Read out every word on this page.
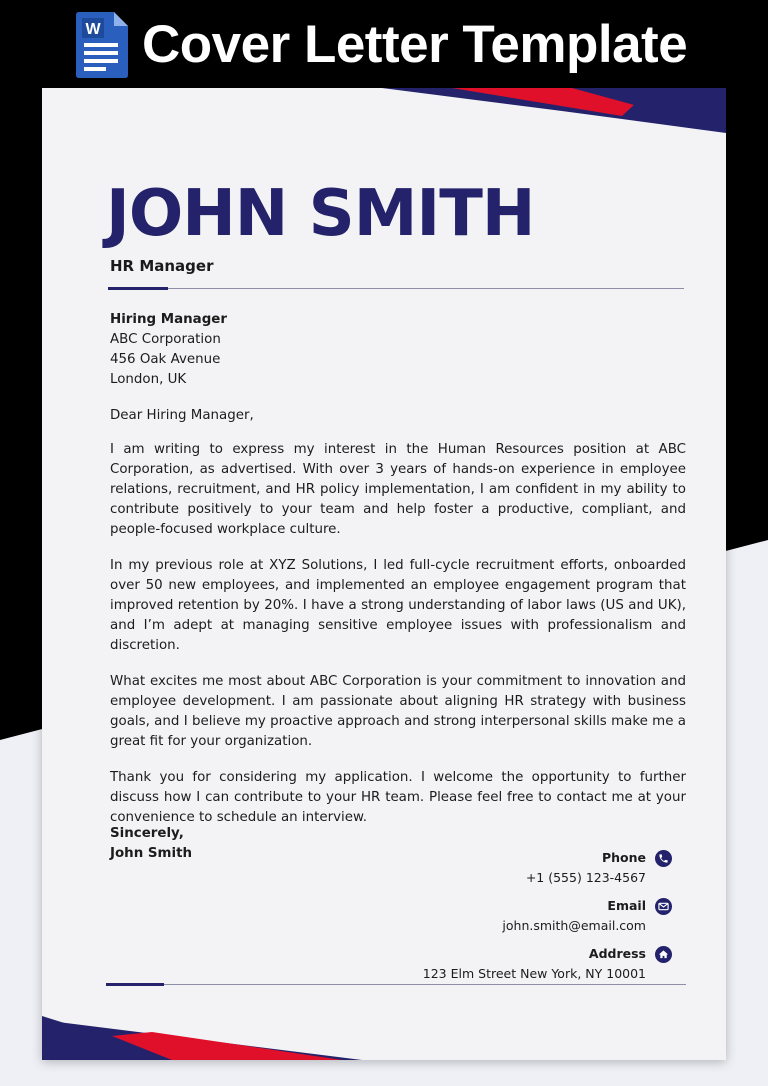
W Cover Letter Template
JOHN SMITH
HR Manager
Hiring Manager
ABC Corporation
456 Oak Avenue
London, UK
Dear Hiring Manager,

I am writing to express my interest in the Human Resources position at ABC Corporation, as advertised. With over 3 years of hands-on experience in employee relations, recruitment, and HR policy implementation, I am confident in my ability to contribute positively to your team and help foster a productive, compliant, and people-focused workplace culture.

In my previous role at XYZ Solutions, I led full-cycle recruitment efforts, onboarded over 50 new employees, and implemented an employee engagement program that improved retention by 20%. I have a strong understanding of labor laws (US and UK), and I’m adept at managing sensitive employee issues with professionalism and discretion.

What excites me most about ABC Corporation is your commitment to innovation and employee development. I am passionate about aligning HR strategy with business goals, and I believe my proactive approach and strong interpersonal skills make me a great fit for your organization.

Thank you for considering my application. I welcome the opportunity to further discuss how I can contribute to your HR team. Please feel free to contact me at your convenience to schedule an interview.

Sincerely,
John Smith	Phone
+1 (555) 123-4567
Email
john.smith@email.com
Address
123 Elm Street New York, NY 10001
